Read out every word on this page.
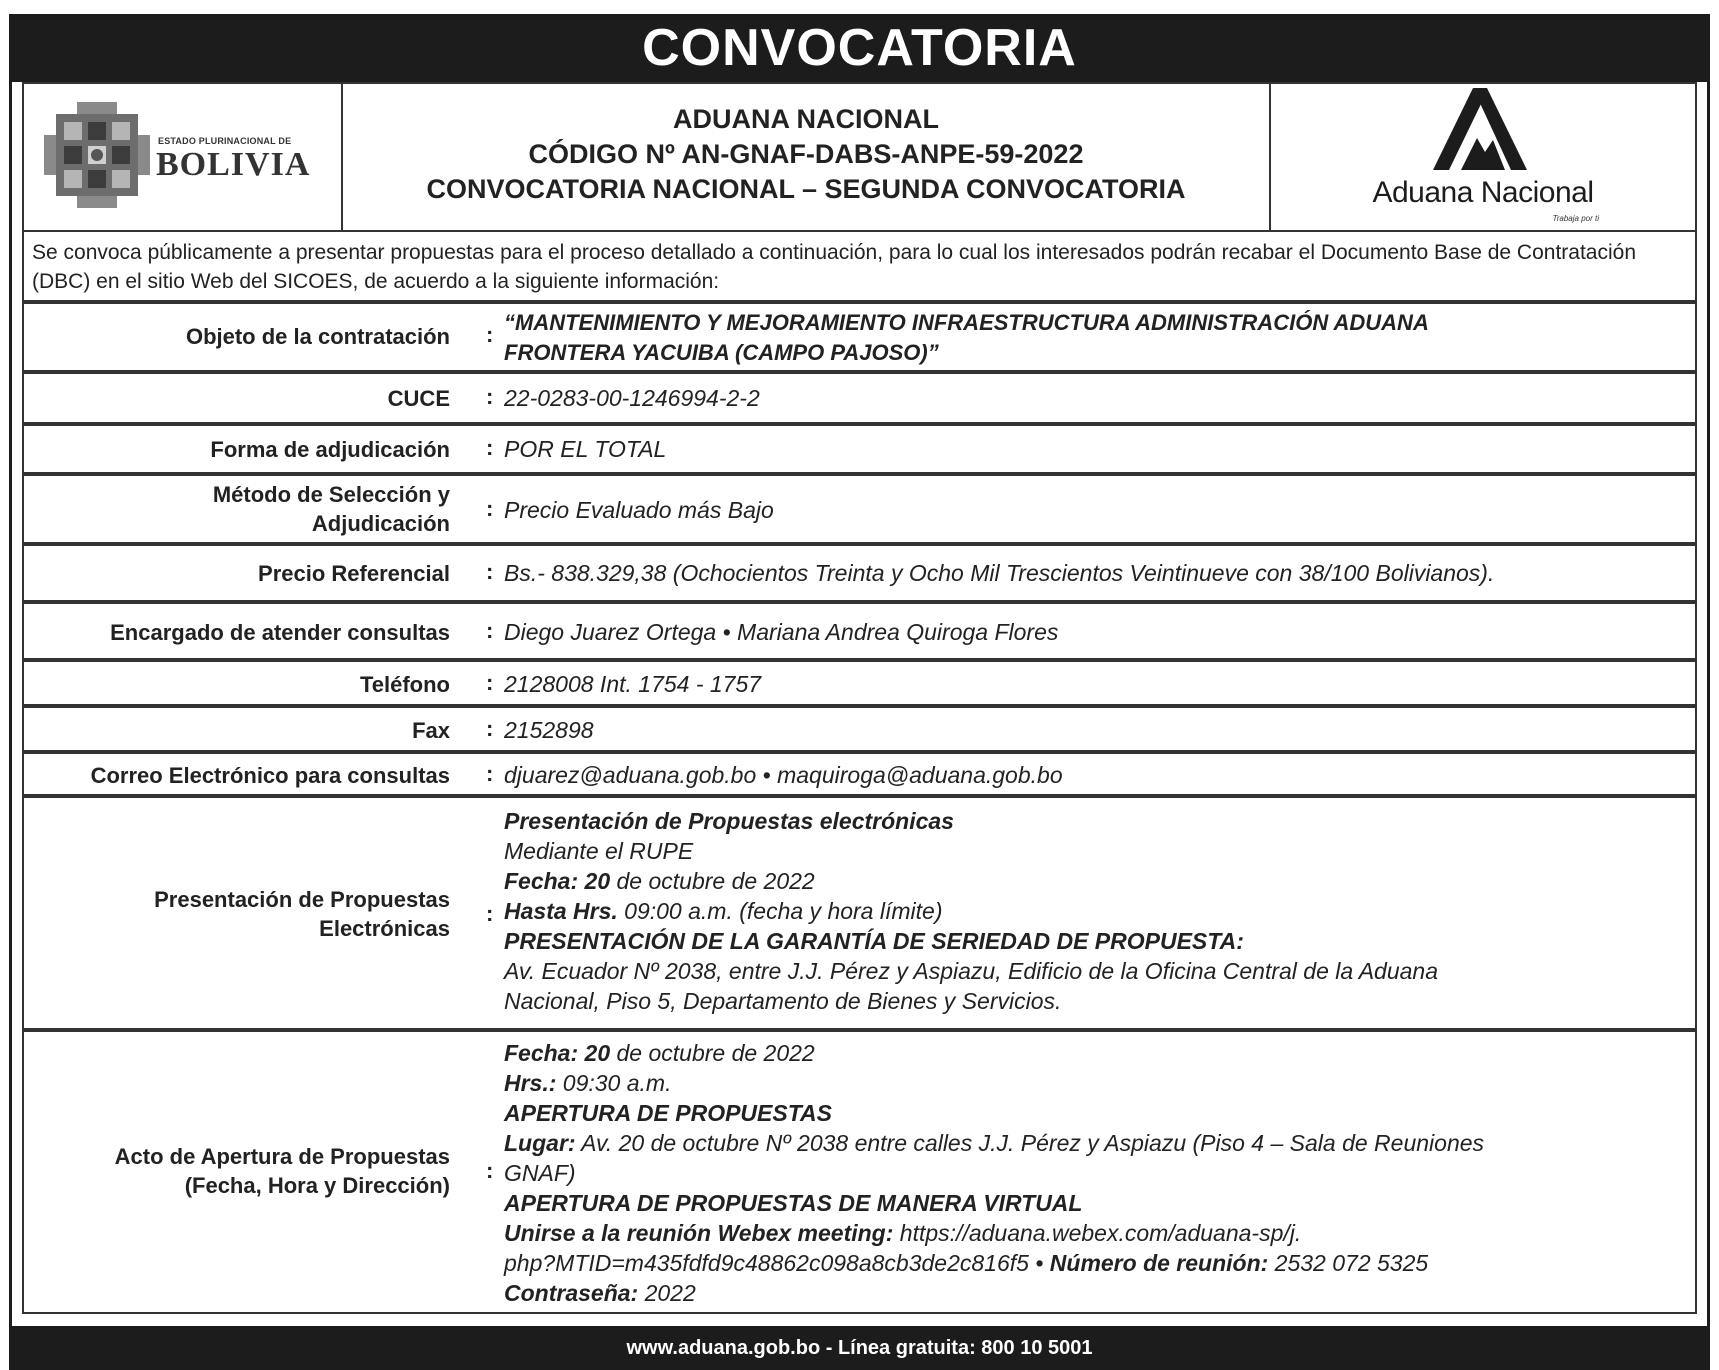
CONVOCATORIA
ESTADO PLURINACIONAL DE
BOLIVIA
ADUANA NACIONAL
CÓDIGO Nº AN-GNAF-DABS-ANPE-59-2022
CONVOCATORIA NACIONAL – SEGUNDA CONVOCATORIA	Aduana Nacional
Trabaja por ti
Se convoca públicamente a presentar propuestas para el proceso detallado a continuación, para lo cual los interesados podrán recabar el Documento Base de Contratación (DBC) en el sitio Web del SICOES, de acuerdo a la siguiente información:
Objeto de la contratación : “MANTENIMIENTO Y MEJORAMIENTO INFRAESTRUCTURA ADMINISTRACIÓN ADUANA
FRONTERA YACUIBA (CAMPO PAJOSO)”
CUCE : 22-0283-00-1246994-2-2
Forma de adjudicación : POR EL TOTAL
Método de Selección y
Adjudicación
: Precio Evaluado más Bajo
Precio Referencial : Bs.- 838.329,38 (Ochocientos Treinta y Ocho Mil Trescientos Veintinueve con 38/100 Bolivianos).
Encargado de atender consultas : Diego Juarez Ortega • Mariana Andrea Quiroga Flores
Teléfono : 2128008 Int. 1754 - 1757
Fax : 2152898
Correo Electrónico para consultas : djuarez@aduana.gob.bo • maquiroga@aduana.gob.bo
Presentación de Propuestas
Electrónicas
:
Presentación de Propuestas electrónicas
Mediante el RUPE
Fecha: 20 de octubre de 2022
Hasta Hrs. 09:00 a.m. (fecha y hora límite)
PRESENTACIÓN DE LA GARANTÍA DE SERIEDAD DE PROPUESTA:
Av. Ecuador Nº 2038, entre J.J. Pérez y Aspiazu, Edificio de la Oficina Central de la Aduana
Nacional, Piso 5, Departamento de Bienes y Servicios.
Acto de Apertura de Propuestas
(Fecha, Hora y Dirección)
:
Fecha: 20 de octubre de 2022
Hrs.: 09:30 a.m.
APERTURA DE PROPUESTAS
Lugar: Av. 20 de octubre Nº 2038 entre calles J.J. Pérez y Aspiazu (Piso 4 – Sala de Reuniones
GNAF)
APERTURA DE PROPUESTAS DE MANERA VIRTUAL
Unirse a la reunión Webex meeting: https://aduana.webex.com/aduana-sp/j.
php?MTID=m435fdfd9c48862c098a8cb3de2c816f5 • Número de reunión: 2532 072 5325
Contraseña: 2022
www.aduana.gob.bo - Línea gratuita: 800 10 5001
